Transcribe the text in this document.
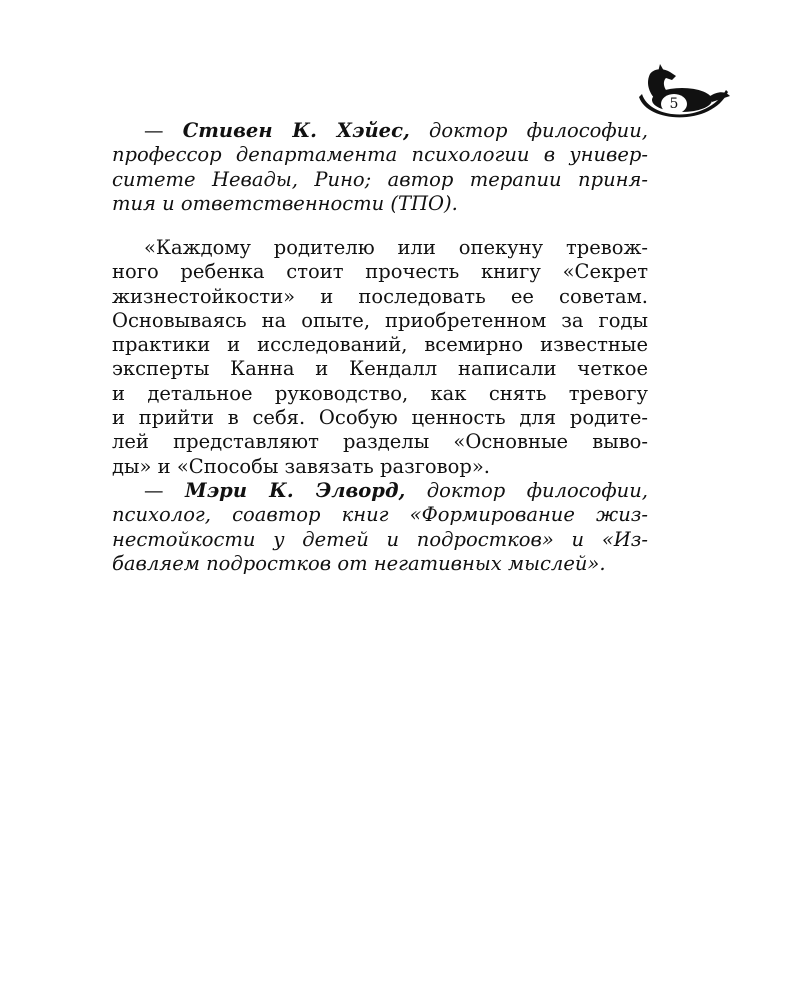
5
— Стивен К. Хэйес, доктор философии,
профессор департамента психологии в универ-
ситете Невады, Рино; автор терапии приня-
тия и ответственности (ТПО).
«Каждому родителю или опекуну тревож-
ного ребенка стоит прочесть книгу «Секрет
жизнестойкости» и последовать ее советам.
Основываясь на опыте, приобретенном за годы
практики и исследований, всемирно известные
эксперты Канна и Кендалл написали четкое
и детальное руководство, как снять тревогу
и прийти в себя. Особую ценность для родите-
лей представляют разделы «Основные выво-
ды» и «Способы завязать разговор».
— Мэри К. Элворд, доктор философии,
психолог, соавтор книг «Формирование жиз-
нестойкости у детей и подростков» и «Из-
бавляем подростков от негативных мыслей».
